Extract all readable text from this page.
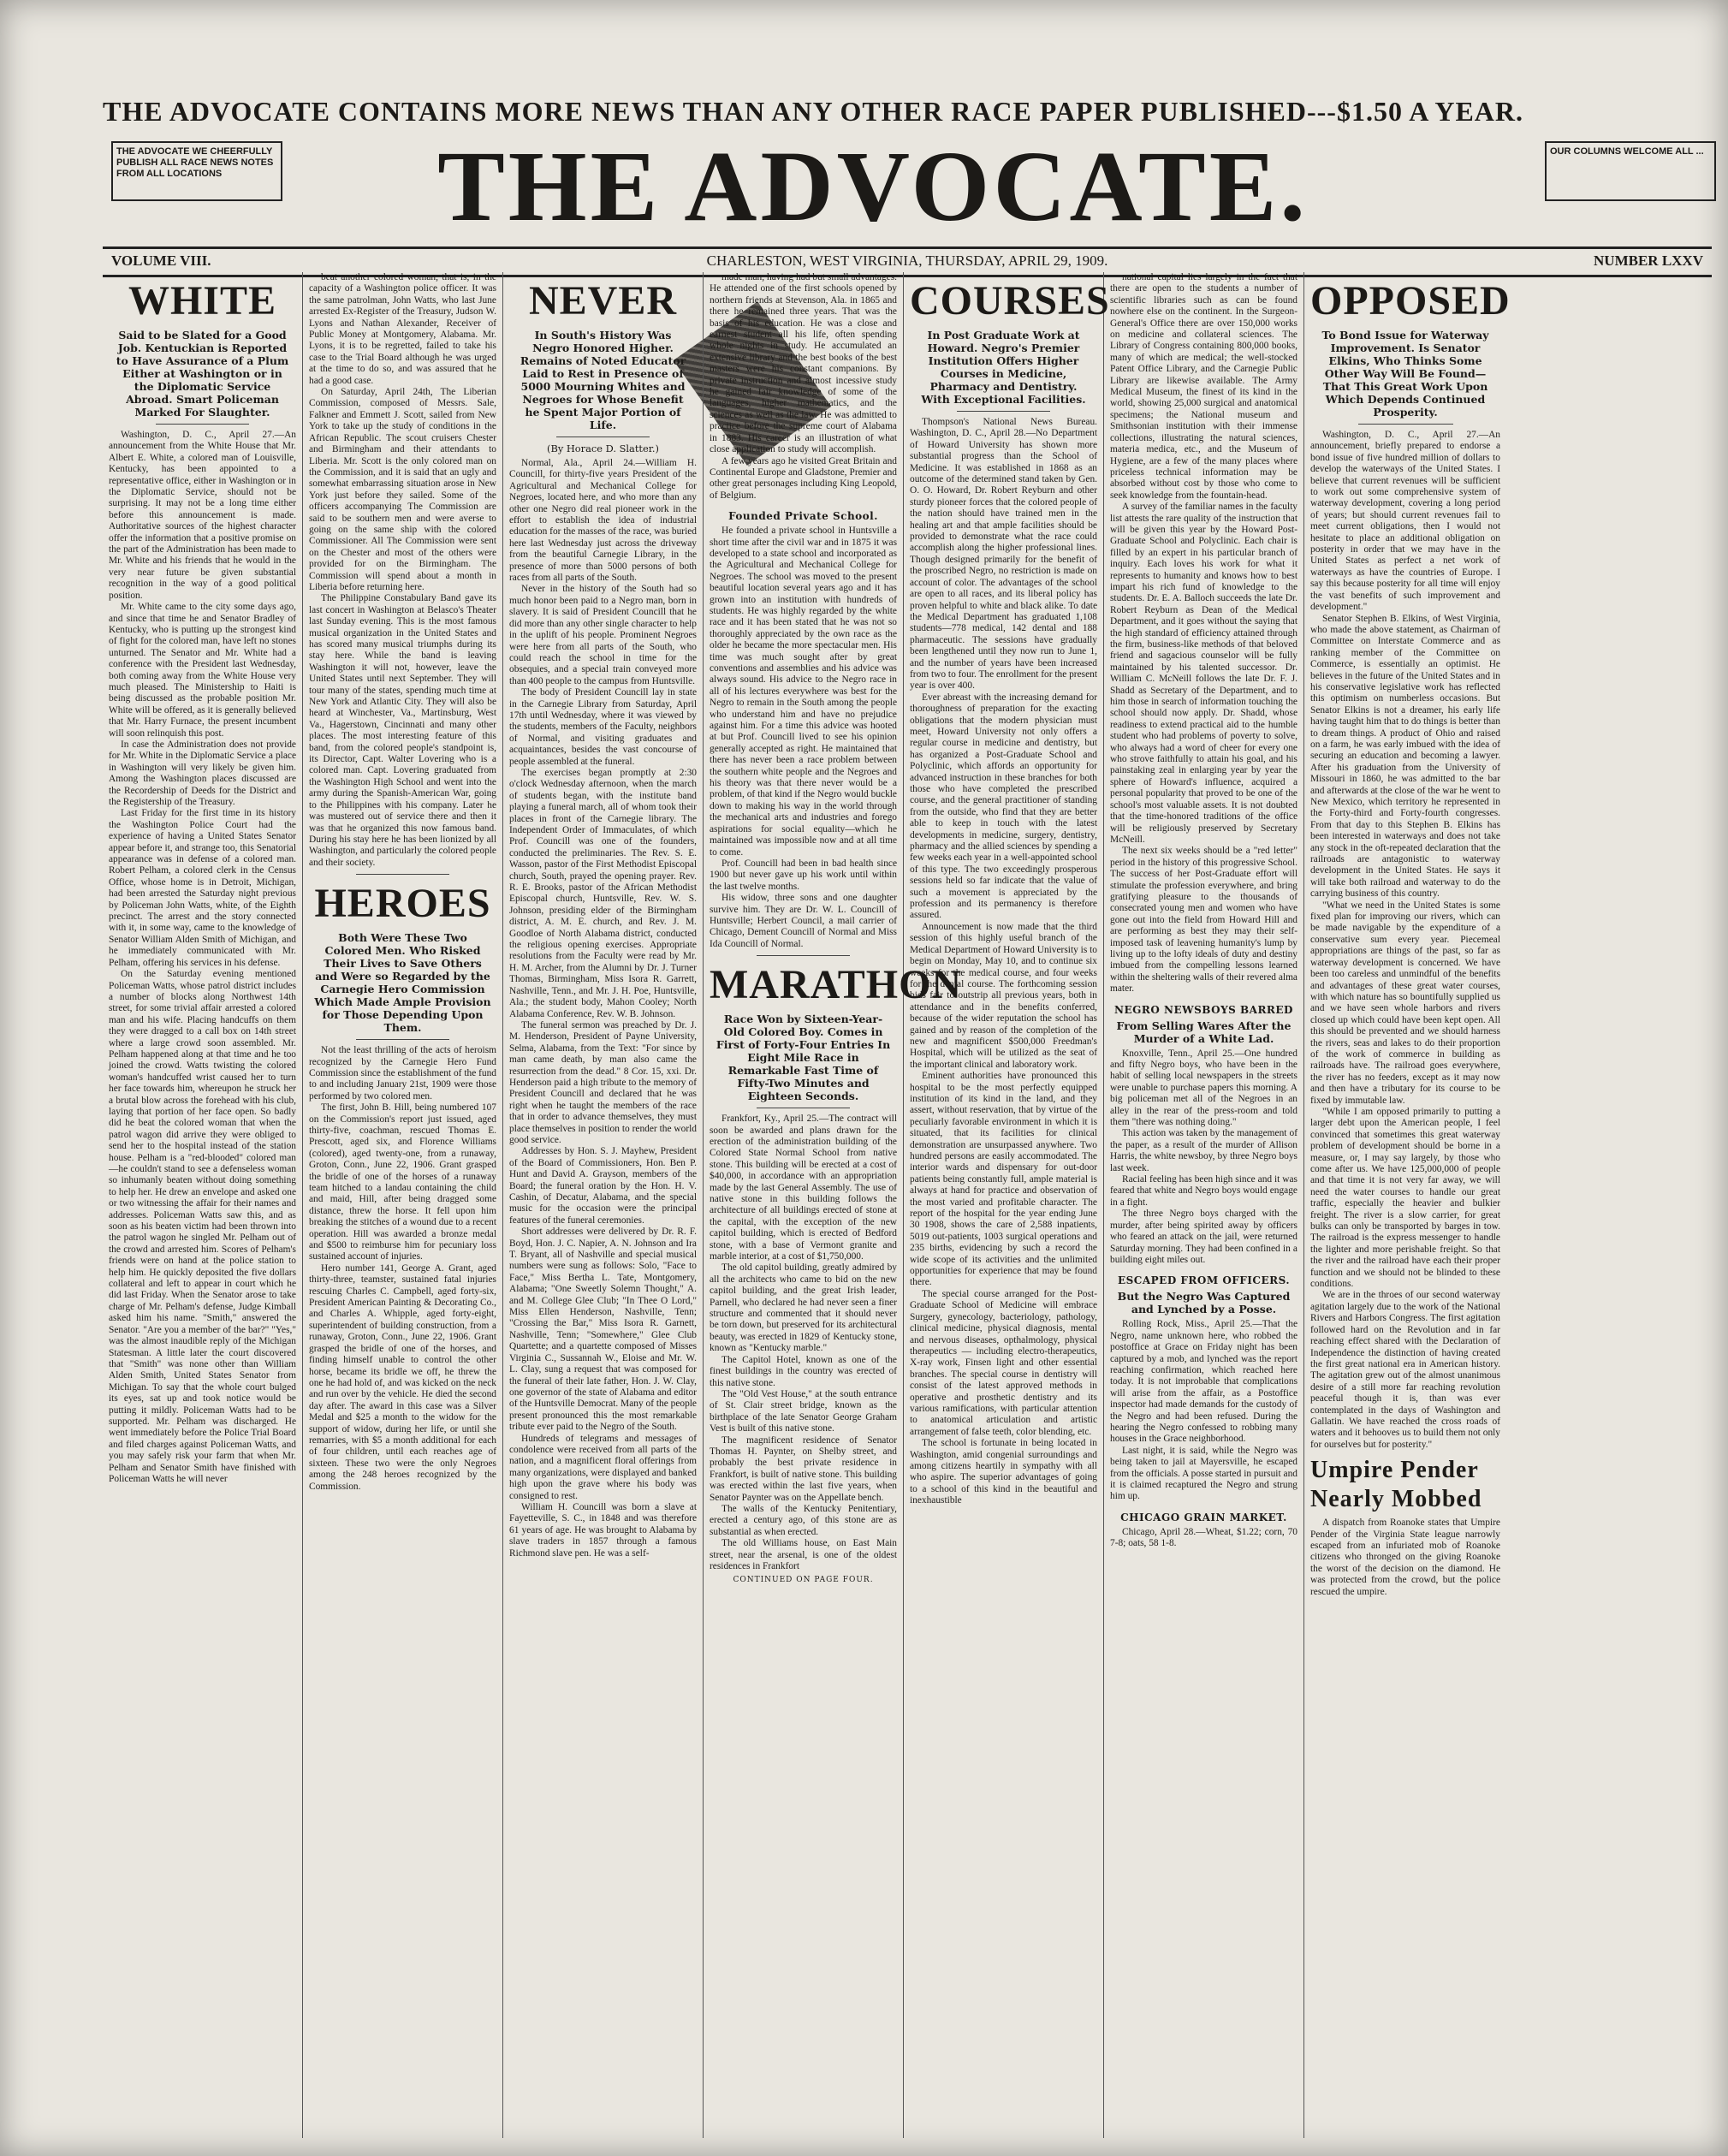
THE ADVOCATE CONTAINS MORE NEWS THAN ANY OTHER RACE PAPER PUBLISHED---$1.50 A YEAR.
THE ADVOCATE WE CHEERFULLY PUBLISH ALL RACE NEWS NOTES FROM ALL LOCATIONS	THE ADVOCATE.	OUR COLUMNS WELCOME ALL ...
VOLUME VIII.	CHARLESTON, WEST VIRGINIA, THURSDAY, APRIL 29, 1909.	NUMBER LXXV
WHITE
Said to be Slated for a Good Job. Kentuckian is Reported to Have Assurance of a Plum Either at Washington or in the Diplomatic Service Abroad. Smart Policeman Marked For Slaughter.

Washington, D. C., April 27.—An announcement from the White House that Mr. Albert E. White, a colored man of Louisville, Kentucky, has been appointed to a representative office, either in Washington or in the Diplomatic Service, should not be surprising. It may not be a long time either before this announcement is made. Authoritative sources of the highest character offer the information that a positive promise on the part of the Administration has been made to Mr. White and his friends that he would in the very near future be given substantial recognition in the way of a good political position.

Mr. White came to the city some days ago, and since that time he and Senator Bradley of Kentucky, who is putting up the strongest kind of fight for the colored man, have left no stones unturned. The Senator and Mr. White had a conference with the President last Wednesday, both coming away from the White House very much pleased. The Ministership to Haiti is being discussed as the probable position Mr. White will be offered, as it is generally believed that Mr. Harry Furnace, the present incumbent will soon relinquish this post.

In case the Administration does not provide for Mr. White in the Diplomatic Service a place in Washington will very likely be given him. Among the Washington places discussed are the Recordership of Deeds for the District and the Registership of the Treasury.

Last Friday for the first time in its history the Washington Police Court had the experience of having a United States Senator appear before it, and strange too, this Senatorial appearance was in defense of a colored man. Robert Pelham, a colored clerk in the Census Office, whose home is in Detroit, Michigan, had been arrested the Saturday night previous by Policeman John Watts, white, of the Eighth precinct. The arrest and the story connected with it, in some way, came to the knowledge of Senator William Alden Smith of Michigan, and he immediately communicated with Mr. Pelham, offering his services in his defense.

On the Saturday evening mentioned Policeman Watts, whose patrol district includes a number of blocks along Northwest 14th street, for some trivial affair arrested a colored man and his wife. Placing handcuffs on them they were dragged to a call box on 14th street where a large crowd soon assembled. Mr. Pelham happened along at that time and he too joined the crowd. Watts twisting the colored woman's handcuffed wrist caused her to turn her face towards him, whereupon he struck her a brutal blow across the forehead with his club, laying that portion of her face open. So badly did he beat the colored woman that when the patrol wagon did arrive they were obliged to send her to the hospital instead of the station house. Pelham is a "red-blooded" colored man—he couldn't stand to see a defenseless woman so inhumanly beaten without doing something to help her. He drew an envelope and asked one or two witnessing the affair for their names and addresses. Policeman Watts saw this, and as soon as his beaten victim had been thrown into the patrol wagon he singled Mr. Pelham out of the crowd and arrested him. Scores of Pelham's friends were on hand at the police station to help him. He quickly deposited the five dollars collateral and left to appear in court which he did last Friday. When the Senator arose to take charge of Mr. Pelham's defense, Judge Kimball asked him his name. "Smith," answered the Senator. "Are you a member of the bar?" "Yes," was the almost inaudible reply of the Michigan Statesman. A little later the court discovered that "Smith" was none other than William Alden Smith, United States Senator from Michigan. To say that the whole court bulged its eyes, sat up and took notice would be putting it mildly. Policeman Watts had to be supported. Mr. Pelham was discharged. He went immediately before the Police Trial Board and filed charges against Policeman Watts, and you may safely risk your farm that when Mr. Pelham and Senator Smith have finished with Policeman Watts he will never

beat another colored woman, that is, in the capacity of a Washington police officer. It was the same patrolman, John Watts, who last June arrested Ex-Register of the Treasury, Judson W. Lyons and Nathan Alexander, Receiver of Public Money at Montgomery, Alabama. Mr. Lyons, it is to be regretted, failed to take his case to the Trial Board although he was urged at the time to do so, and was assured that he had a good case.

On Saturday, April 24th, The Liberian Commission, composed of Messrs. Sale, Falkner and Emmett J. Scott, sailed from New York to take up the study of conditions in the African Republic. The scout cruisers Chester and Birmingham and their attendants to Liberia. Mr. Scott is the only colored man on the Commission, and it is said that an ugly and somewhat embarrassing situation arose in New York just before they sailed. Some of the officers accompanying The Commission are said to be southern men and were averse to going on the same ship with the colored Commissioner. All The Commission were sent on the Chester and most of the others were provided for on the Birmingham. The Commission will spend about a month in Liberia before returning here.

The Philippine Constabulary Band gave its last concert in Washington at Belasco's Theater last Sunday evening. This is the most famous musical organization in the United States and has scored many musical triumphs during its stay here. While the band is leaving Washington it will not, however, leave the United States until next September. They will tour many of the states, spending much time at New York and Atlantic City. They will also be heard at Winchester, Va., Martinsburg, West Va., Hagerstown, Cincinnati and many other places. The most interesting feature of this band, from the colored people's standpoint is, its Director, Capt. Walter Lovering who is a colored man. Capt. Lovering graduated from the Washington High School and went into the army during the Spanish-American War, going to the Philippines with his company. Later he was mustered out of service there and then it was that he organized this now famous band. During his stay here he has been lionized by all Washington, and particularly the colored people and their society.

HEROES
Both Were These Two Colored Men. Who Risked Their Lives to Save Others and Were so Regarded by the Carnegie Hero Commission Which Made Ample Provision for Those Depending Upon Them.

Not the least thrilling of the acts of heroism recognized by the Carnegie Hero Fund Commission since the establishment of the fund to and including January 21st, 1909 were those performed by two colored men.

The first, John B. Hill, being numbered 107 on the Commission's report just issued, aged thirty-five, coachman, rescued Thomas E. Prescott, aged six, and Florence Williams (colored), aged twenty-one, from a runaway, Groton, Conn., June 22, 1906. Grant grasped the bridle of one of the horses of a runaway team hitched to a landau containing the child and maid, Hill, after being dragged some distance, threw the horse. It fell upon him breaking the stitches of a wound due to a recent operation. Hill was awarded a bronze medal and $500 to reimburse him for pecuniary loss sustained account of injuries.

Hero number 141, George A. Grant, aged thirty-three, teamster, sustained fatal injuries rescuing Charles C. Campbell, aged forty-six, President American Painting & Decorating Co., and Charles A. Whipple, aged forty-eight, superintendent of building construction, from a runaway, Groton, Conn., June 22, 1906. Grant grasped the bridle of one of the horses, and finding himself unable to control the other horse, became its bridle we off, he threw the one he had hold of, and was kicked on the neck and run over by the vehicle. He died the second day after. The award in this case was a Silver Medal and $25 a month to the widow for the support of widow, during her life, or until she remarries, with $5 a month additional for each of four children, until each reaches age of sixteen. These two were the only Negroes among the 248 heroes recognized by the Commission.

NEVER
In South's History Was Negro Honored Higher. Remains of Noted Educator Laid to Rest in Presence of 5000 Mourning Whites and Negroes for Whose Benefit he Spent Major Portion of Life.
(By Horace D. Slatter.)

Normal, Ala., April 24.—William H. Councill, for thirty-five years President of the Agricultural and Mechanical College for Negroes, located here, and who more than any other one Negro did real pioneer work in the effort to establish the idea of industrial education for the masses of the race, was buried here last Wednesday just across the driveway from the beautiful Carnegie Library, in the presence of more than 5000 persons of both races from all parts of the South.

Never in the history of the South had so much honor been paid to a Negro man, born in slavery. It is said of President Councill that he did more than any other single character to help in the uplift of his people. Prominent Negroes were here from all parts of the South, who could reach the school in time for the obsequies, and a special train conveyed more than 400 people to the campus from Huntsville.

The body of President Councill lay in state in the Carnegie Library from Saturday, April 17th until Wednesday, where it was viewed by the students, members of the Faculty, neighbors of Normal, and visiting graduates and acquaintances, besides the vast concourse of people assembled at the funeral.

The exercises began promptly at 2:30 o'clock Wednesday afternoon, when the march of students began, with the institute band playing a funeral march, all of whom took their places in front of the Carnegie library. The Independent Order of Immaculates, of which Prof. Councill was one of the founders, conducted the preliminaries. The Rev. S. E. Wasson, pastor of the First Methodist Episcopal church, South, prayed the opening prayer. Rev. R. E. Brooks, pastor of the African Methodist Episcopal church, Huntsville, Rev. W. S. Johnson, presiding elder of the Birmingham district, A. M. E. church, and Rev. J. M. Goodloe of North Alabama district, conducted the religious opening exercises. Appropriate resolutions from the Faculty were read by Mr. H. M. Archer, from the Alumni by Dr. J. Turner Thomas, Birmingham, Miss Isora R. Garrett, Nashville, Tenn., and Mr. J. H. Poe, Huntsville, Ala.; the student body, Mahon Cooley; North Alabama Conference, Rev. W. B. Johnson.

The funeral sermon was preached by Dr. J. M. Henderson, President of Payne University, Selma, Alabama, from the Text: "For since by man came death, by man also came the resurrection from the dead." 8 Cor. 15, xxi. Dr. Henderson paid a high tribute to the memory of President Councill and declared that he was right when he taught the members of the race that in order to advance themselves, they must place themselves in position to render the world good service.

Addresses by Hon. S. J. Mayhew, President of the Board of Commissioners, Hon. Ben P. Hunt and David A. Grayson, members of the Board; the funeral oration by the Hon. H. V. Cashin, of Decatur, Alabama, and the special music for the occasion were the principal features of the funeral ceremonies.

Short addresses were delivered by Dr. R. F. Boyd, Hon. J. C. Napier, A. N. Johnson and Ira T. Bryant, all of Nashville and special musical numbers were sung as follows: Solo, "Face to Face," Miss Bertha L. Tate, Montgomery, Alabama; "One Sweetly Solemn Thought," A. and M. College Glee Club; "In Thee O Lord," Miss Ellen Henderson, Nashville, Tenn; "Crossing the Bar," Miss Isora R. Garnett, Nashville, Tenn; "Somewhere," Glee Club Quartette; and a quartette composed of Misses Virginia C., Sussannah W., Eloise and Mr. W. L. Clay, sung a request that was composed for the funeral of their late father, Hon. J. W. Clay, one governor of the state of Alabama and editor of the Huntsville Democrat. Many of the people present pronounced this the most remarkable tribute ever paid to the Negro of the South.

Hundreds of telegrams and messages of condolence were received from all parts of the nation, and a magnificent floral offerings from many organizations, were displayed and banked high upon the grave where his body was consigned to rest.

William H. Councill was born a slave at Fayetteville, S. C., in 1848 and was therefore 61 years of age. He was brought to Alabama by slave traders in 1857 through a famous Richmond slave pen. He was a self-

made man, having had but small advantages. He attended one of the first schools opened by northern friends at Stevenson, Ala. in 1865 and there he remained three years. That was the basis of his education. He was a close and earnest student all his life, often spending whole nights in study. He accumulated an extensive library and the best books of the best masters were his constant companions. By private instruction and almost incessive study he gained fair knowledge of some of the languages, higher mathematics, and the sciences as well as the law. He was admitted to practice before the supreme court of Alabama in 1883. His career is an illustration of what close application to study will accomplish.

A few years ago he visited Great Britain and Continental Europe and Gladstone, Premier and other great personages including King Leopold, of Belgium.

Founded Private School.

He founded a private school in Huntsville a short time after the civil war and in 1875 it was developed to a state school and incorporated as the Agricultural and Mechanical College for Negroes. The school was moved to the present beautiful location several years ago and it has grown into an institution with hundreds of students. He was highly regarded by the white race and it has been stated that he was not so thoroughly appreciated by the own race as the older he became the more spectacular men. His time was much sought after by great conventions and assemblies and his advice was always sound. His advice to the Negro race in all of his lectures everywhere was best for the Negro to remain in the South among the people who understand him and have no prejudice against him. For a time this advice was hooted at but Prof. Councill lived to see his opinion generally accepted as right. He maintained that there has never been a race problem between the southern white people and the Negroes and his theory was that there never would be a problem, of that kind if the Negro would buckle down to making his way in the world through the mechanical arts and industries and forego aspirations for social equality—which he maintained was impossible now and at all time to come.

Prof. Councill had been in bad health since 1900 but never gave up his work until within the last twelve months.

His widow, three sons and one daughter survive him. They are Dr. W. L. Councill of Huntsville; Herbert Council, a mail carrier of Chicago, Dement Councill of Normal and Miss Ida Councill of Normal.

MARATHON
Race Won by Sixteen-Year-Old Colored Boy. Comes in First of Forty-Four Entries In Eight Mile Race in Remarkable Fast Time of Fifty-Two Minutes and Eighteen Seconds.

Frankfort, Ky., April 25.—The contract will soon be awarded and plans drawn for the erection of the administration building of the Colored State Normal School from native stone. This building will be erected at a cost of $40,000, in accordance with an appropriation made by the last General Assembly. The use of native stone in this building follows the architecture of all buildings erected of stone at the capital, with the exception of the new capitol building, which is erected of Bedford stone, with a base of Vermont granite and marble interior, at a cost of $1,750,000.

The old capitol building, greatly admired by all the architects who came to bid on the new capitol building, and the great Irish leader, Parnell, who declared he had never seen a finer structure and commented that it should never be torn down, but preserved for its architectural beauty, was erected in 1829 of Kentucky stone, known as "Kentucky marble."

The Capitol Hotel, known as one of the finest buildings in the country was erected of this native stone.

The "Old Vest House," at the south entrance of St. Clair street bridge, known as the birthplace of the late Senator George Graham Vest is built of this native stone.

The magnificent residence of Senator Thomas H. Paynter, on Shelby street, and probably the best private residence in Frankfort, is built of native stone. This building was erected within the last five years, when Senator Paynter was on the Appellate bench.

The walls of the Kentucky Penitentiary, erected a century ago, of this stone are as substantial as when erected.

The old Williams house, on East Main street, near the arsenal, is one of the oldest residences in Frankfort

CONTINUED ON PAGE FOUR.
COURSES
In Post Graduate Work at Howard. Negro's Premier Institution Offers Higher Courses in Medicine, Pharmacy and Dentistry. With Exceptional Facilities.

Thompson's National News Bureau. Washington, D. C., April 28.—No Department of Howard University has shown more substantial progress than the School of Medicine. It was established in 1868 as an outcome of the determined stand taken by Gen. O. O. Howard, Dr. Robert Reyburn and other sturdy pioneer forces that the colored people of the nation should have trained men in the healing art and that ample facilities should be provided to demonstrate what the race could accomplish along the higher professional lines. Though designed primarily for the benefit of the proscribed Negro, no restriction is made on account of color. The advantages of the school are open to all races, and its liberal policy has proven helpful to white and black alike. To date the Medical Department has graduated 1,108 students—778 medical, 142 dental and 188 pharmaceutic. The sessions have gradually been lengthened until they now run to June 1, and the number of years have been increased from two to four. The enrollment for the present year is over 400.

Ever abreast with the increasing demand for thoroughness of preparation for the exacting obligations that the modern physician must meet, Howard University not only offers a regular course in medicine and dentistry, but has organized a Post-Graduate School and Polyclinic, which affords an opportunity for advanced instruction in these branches for both those who have completed the prescribed course, and the general practitioner of standing from the outside, who find that they are better able to keep in touch with the latest developments in medicine, surgery, dentistry, pharmacy and the allied sciences by spending a few weeks each year in a well-appointed school of this type. The two exceedingly prosperous sessions held so far indicate that the value of such a movement is appreciated by the profession and its permanency is therefore assured.

Announcement is now made that the third session of this highly useful branch of the Medical Department of Howard University is to begin on Monday, May 10, and to continue six weeks for the medical course, and four weeks for the dental course. The forthcoming session bids fair to outstrip all previous years, both in attendance and in the benefits conferred, because of the wider reputation the school has gained and by reason of the completion of the new and magnificent $500,000 Freedman's Hospital, which will be utilized as the seat of the important clinical and laboratory work.

Eminent authorities have pronounced this hospital to be the most perfectly equipped institution of its kind in the land, and they assert, without reservation, that by virtue of the peculiarly favorable environment in which it is situated, that its facilities for clinical demonstration are unsurpassed anywhere. Two hundred persons are easily accommodated. The interior wards and dispensary for out-door patients being constantly full, ample material is always at hand for practice and observation of the most varied and profitable character. The report of the hospital for the year ending June 30 1908, shows the care of 2,588 inpatients, 5019 out-patients, 1003 surgical operations and 235 births, evidencing by such a record the wide scope of its activities and the unlimited opportunities for experience that may be found there.

The special course arranged for the Post-Graduate School of Medicine will embrace Surgery, gynecology, bacteriology, pathology, clinical medicine, physical diagnosis, mental and nervous diseases, opthalmology, physical therapeutics — including electro-therapeutics, X-ray work, Finsen light and other essential branches. The special course in dentistry will consist of the latest approved methods in operative and prosthetic dentistry and its various ramifications, with particular attention to anatomical articulation and artistic arrangement of false teeth, color blending, etc.

The school is fortunate in being located in Washington, amid congenial surroundings and among citizens heartily in sympathy with all who aspire. The superior advantages of going to a school of this kind in the beautiful and inexhaustible

national capital lies largely in the fact that there are open to the students a number of scientific libraries such as can be found nowhere else on the continent. In the Surgeon-General's Office there are over 150,000 works on medicine and collateral sciences. The Library of Congress containing 800,000 books, many of which are medical; the well-stocked Patent Office Library, and the Carnegie Public Library are likewise available. The Army Medical Museum, the finest of its kind in the world, showing 25,000 surgical and anatomical specimens; the National museum and Smithsonian institution with their immense collections, illustrating the natural sciences, materia medica, etc., and the Museum of Hygiene, are a few of the many places where priceless technical information may be absorbed without cost by those who come to seek knowledge from the fountain-head.

A survey of the familiar names in the faculty list attests the rare quality of the instruction that will be given this year by the Howard Post-Graduate School and Polyclinic. Each chair is filled by an expert in his particular branch of inquiry. Each loves his work for what it represents to humanity and knows how to best impart his rich fund of knowledge to the students. Dr. E. A. Balloch succeeds the late Dr. Robert Reyburn as Dean of the Medical Department, and it goes without the saying that the high standard of efficiency attained through the firm, business-like methods of that beloved friend and sagacious counselor will be fully maintained by his talented successor. Dr. William C. McNeill follows the late Dr. F. J. Shadd as Secretary of the Department, and to him those in search of information touching the school should now apply. Dr. Shadd, whose readiness to extend practical aid to the humble student who had problems of poverty to solve, who always had a word of cheer for every one who strove faithfully to attain his goal, and his painstaking zeal in enlarging year by year the sphere of Howard's influence, acquired a personal popularity that proved to be one of the school's most valuable assets. It is not doubted that the time-honored traditions of the office will be religiously preserved by Secretary McNeill.

The next six weeks should be a "red letter" period in the history of this progressive School. The success of her Post-Graduate effort will stimulate the profession everywhere, and bring gratifying pleasure to the thousands of consecrated young men and women who have gone out into the field from Howard Hill and are performing as best they may their self-imposed task of leavening humanity's lump by living up to the lofty ideals of duty and destiny imbued from the compelling lessons learned within the sheltering walls of their revered alma mater.

NEGRO NEWSBOYS BARRED
From Selling Wares After the Murder of a White Lad.

Knoxville, Tenn., April 25.—One hundred and fifty Negro boys, who have been in the habit of selling local newspapers in the streets were unable to purchase papers this morning. A big policeman met all of the Negroes in an alley in the rear of the press-room and told them "there was nothing doing."

This action was taken by the management of the paper, as a result of the murder of Allison Harris, the white newsboy, by three Negro boys last week.

Racial feeling has been high since and it was feared that white and Negro boys would engage in a fight.

The three Negro boys charged with the murder, after being spirited away by officers who feared an attack on the jail, were returned Saturday morning. They had been confined in a building eight miles out.

ESCAPED FROM OFFICERS.
But the Negro Was Captured and Lynched by a Posse.

Rolling Rock, Miss., April 25.—That the Negro, name unknown here, who robbed the postoffice at Grace on Friday night has been captured by a mob, and lynched was the report reaching confirmation, which reached here today. It is not improbable that complications will arise from the affair, as a Postoffice inspector had made demands for the custody of the Negro and had been refused. During the hearing the Negro confessed to robbing many houses in the Grace neighborhood.

Last night, it is said, while the Negro was being taken to jail at Mayersville, he escaped from the officials. A posse started in pursuit and it is claimed recaptured the Negro and strung him up.

CHICAGO GRAIN MARKET.

Chicago, April 28.—Wheat, $1.22; corn, 70 7-8; oats, 58 1-8.

OPPOSED
To Bond Issue for Waterway Improvement. Is Senator Elkins, Who Thinks Some Other Way Will Be Found—That This Great Work Upon Which Depends Continued Prosperity.

Washington, D. C., April 27.—An announcement, briefly prepared to endorse a bond issue of five hundred million of dollars to develop the waterways of the United States. I believe that current revenues will be sufficient to work out some comprehensive system of waterway development, covering a long period of years; but should current revenues fail to meet current obligations, then I would not hesitate to place an additional obligation on posterity in order that we may have in the United States as perfect a net work of waterways as have the countries of Europe. I say this because posterity for all time will enjoy the vast benefits of such improvement and development."

Senator Stephen B. Elkins, of West Virginia, who made the above statement, as Chairman of Committee on Interstate Commerce and as ranking member of the Committee on Commerce, is essentially an optimist. He believes in the future of the United States and in his conservative legislative work has reflected this optimism on numberless occasions. But Senator Elkins is not a dreamer, his early life having taught him that to do things is better than to dream things. A product of Ohio and raised on a farm, he was early imbued with the idea of securing an education and becoming a lawyer. After his graduation from the University of Missouri in 1860, he was admitted to the bar and afterwards at the close of the war he went to New Mexico, which territory he represented in the Forty-third and Forty-fourth congresses. From that day to this Stephen B. Elkins has been interested in waterways and does not take any stock in the oft-repeated declaration that the railroads are antagonistic to waterway development in the United States. He says it will take both railroad and waterway to do the carrying business of this country.

"What we need in the United States is some fixed plan for improving our rivers, which can be made navigable by the expenditure of a conservative sum every year. Piecemeal appropriations are things of the past, so far as waterway development is concerned. We have been too careless and unmindful of the benefits and advantages of these great water courses, with which nature has so bountifully supplied us and we have seen whole harbors and rivers closed up which could have been kept open. All this should be prevented and we should harness the rivers, seas and lakes to do their proportion of the work of commerce in building as railroads have. The railroad goes everywhere, the river has no feeders, except as it may now and then have a tributary for its course to be fixed by immutable law.

"While I am opposed primarily to putting a larger debt upon the American people, I feel convinced that sometimes this great waterway problem of development should be borne in a measure, or, I may say largely, by those who come after us. We have 125,000,000 of people and that time it is not very far away, we will need the water courses to handle our great traffic, especially the heavier and bulkier freight. The river is a slow carrier, for great bulks can only be transported by barges in tow. The railroad is the express messenger to handle the lighter and more perishable freight. So that the river and the railroad have each their proper function and we should not be blinded to these conditions.

We are in the throes of our second waterway agitation largely due to the work of the National Rivers and Harbors Congress. The first agitation followed hard on the Revolution and in far reaching effect shared with the Declaration of Independence the distinction of having created the first great national era in American history. The agitation grew out of the almost unanimous desire of a still more far reaching revolution peaceful though it is, than was ever contemplated in the days of Washington and Gallatin. We have reached the cross roads of waters and it behooves us to build them not only for ourselves but for posterity."

Umpire Pender Nearly Mobbed

A dispatch from Roanoke states that Umpire Pender of the Virginia State league narrowly escaped from an infuriated mob of Roanoke citizens who thronged on the giving Roanoke the worst of the decision on the diamond. He was protected from the crowd, but the police rescued the umpire.
